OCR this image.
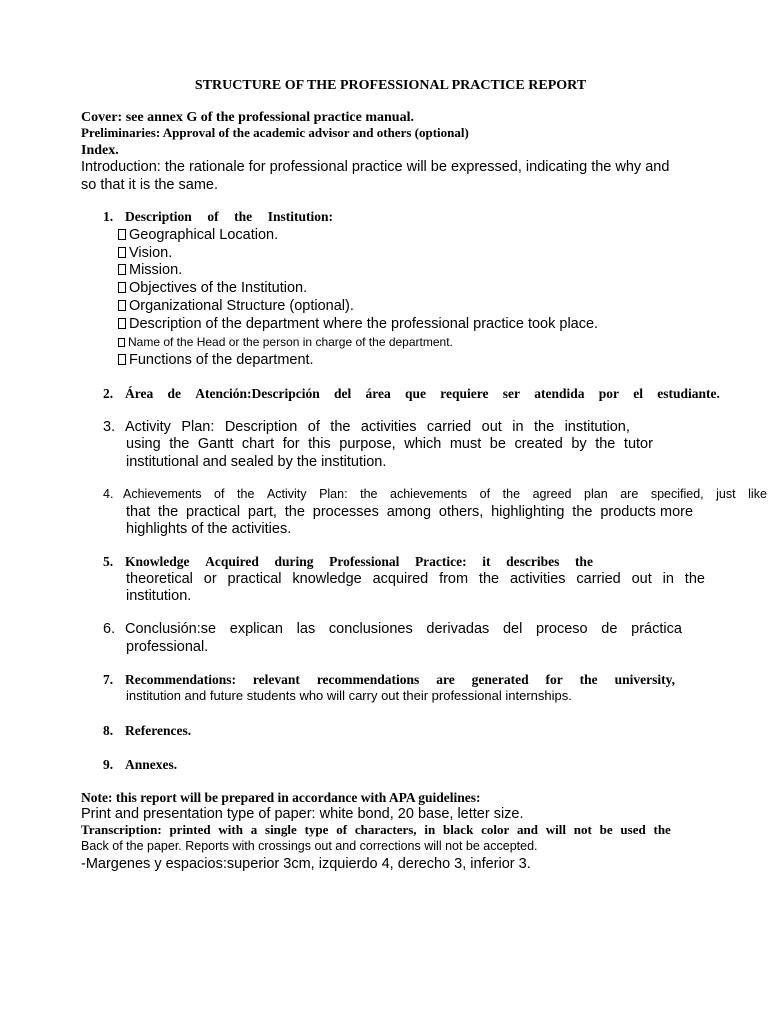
STRUCTURE OF THE PROFESSIONAL PRACTICE REPORT
Cover: see annex G of the professional practice manual.
Preliminaries: Approval of the academic advisor and others (optional)
Index.
Introduction: the rationale for professional practice will be expressed, indicating the why and
so that it is the same.
1. Description of the Institution:
Geographical Location.
Vision.
Mission.
Objectives of the Institution.
Organizational Structure (optional).
Description of the department where the professional practice took place.
Name of the Head or the person in charge of the department.
Functions of the department.
2. Área de Atención:Descripción del área que requiere ser atendida por el estudiante.
3. Activity Plan: Description of the activities carried out in the institution,
using the Gantt chart for this purpose, which must be created by the tutor
institutional and sealed by the institution.
4. Achievements of the Activity Plan: the achievements of the agreed plan are specified, just like
that the practical part, the processes among others, highlighting the products more
highlights of the activities.
5. Knowledge Acquired during Professional Practice: it describes the
theoretical or practical knowledge acquired from the activities carried out in the
institution.
6. Conclusión:se explican las conclusiones derivadas del proceso de práctica
professional.
7. Recommendations: relevant recommendations are generated for the university,
institution and future students who will carry out their professional internships.
8. References.
9. Annexes.
Note: this report will be prepared in accordance with APA guidelines:
Print and presentation type of paper: white bond, 20 base, letter size.
Transcription: printed with a single type of characters, in black color and will not be used the
Back of the paper. Reports with crossings out and corrections will not be accepted.
-Margenes y espacios:superior 3cm, izquierdo 4, derecho 3, inferior 3.
